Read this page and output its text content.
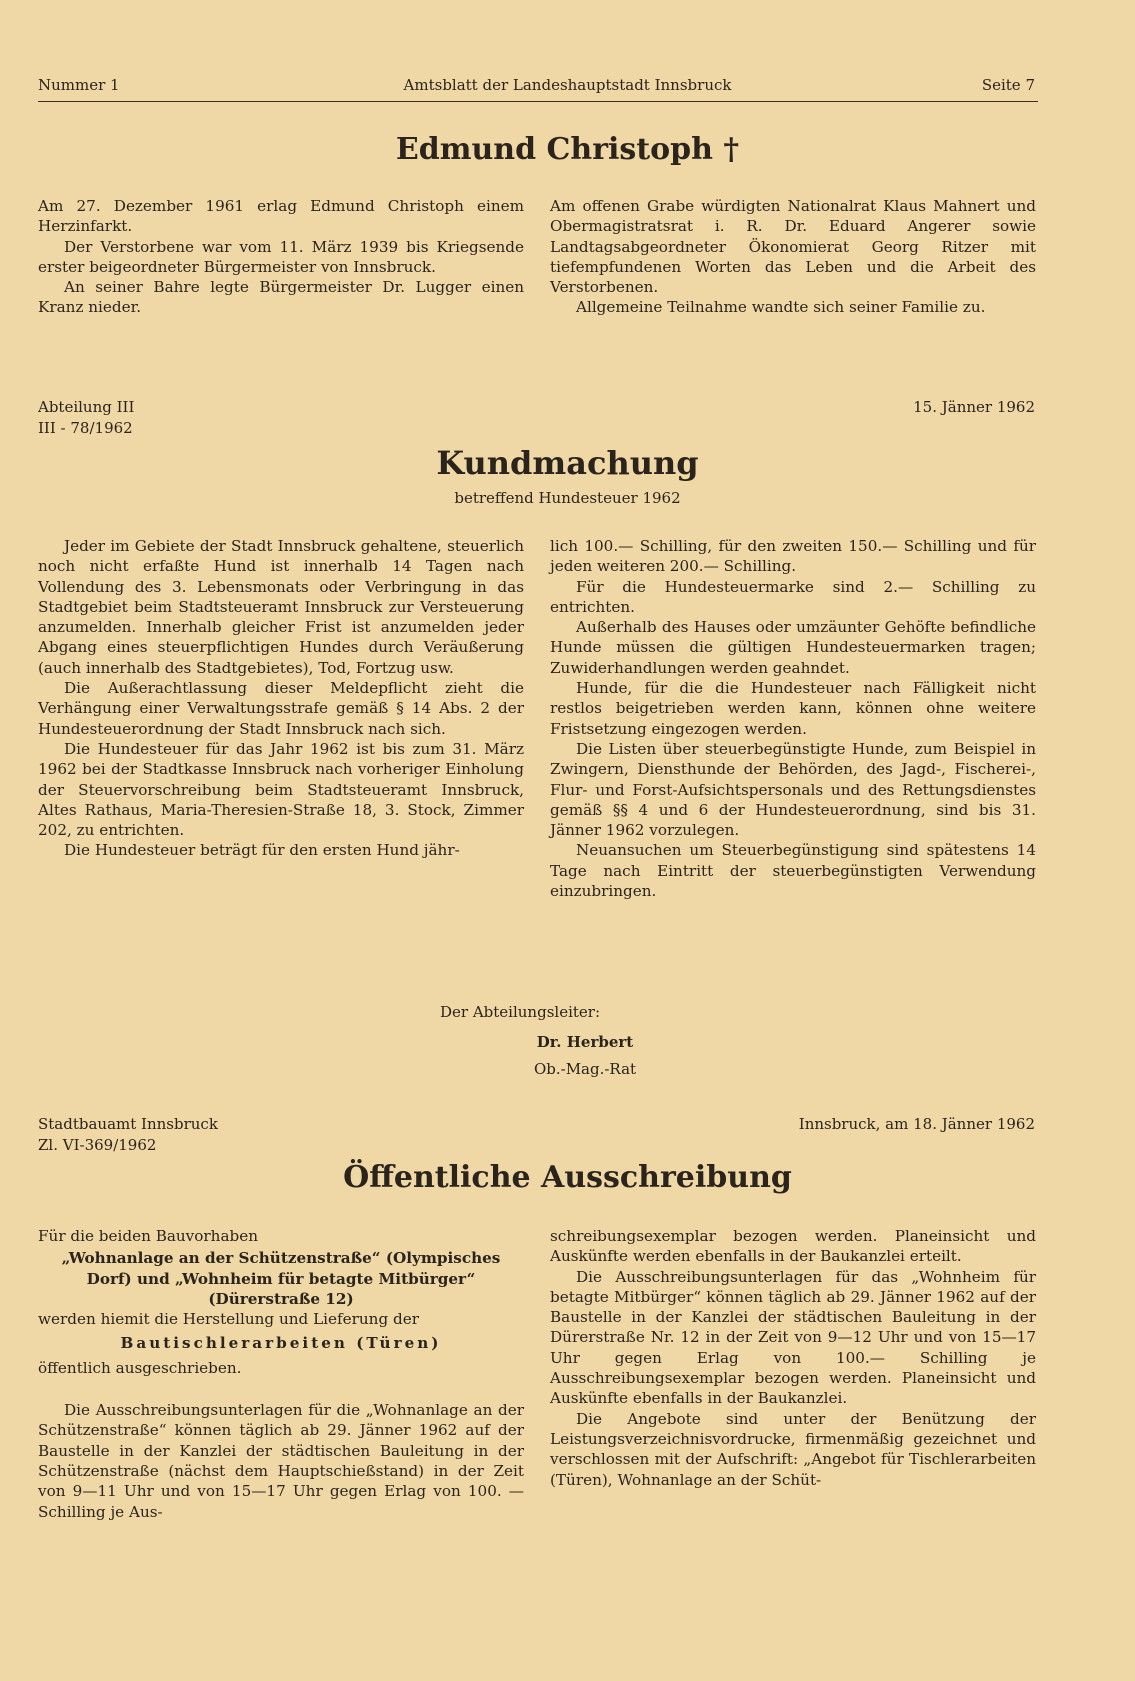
Nummer 1	Amtsblatt der Landeshauptstadt Innsbruck	Seite 7
Edmund Christoph †

Am 27. Dezember 1961 erlag Edmund Christoph einem Herzinfarkt.

Der Verstorbene war vom 11. März 1939 bis Kriegsende erster beigeordneter Bürgermeister von Innsbruck.

An seiner Bahre legte Bürgermeister Dr. Lugger einen Kranz nieder.

Am offenen Grabe würdigten Nationalrat Klaus Mahnert und Obermagistratsrat i. R. Dr. Eduard Angerer sowie Landtagsabgeordneter Ökonomierat Georg Ritzer mit tiefempfundenen Worten das Leben und die Arbeit des Verstorbenen.

Allgemeine Teilnahme wandte sich seiner Familie zu.

Abteilung III
III - 78/1962
15. Jänner 1962
Kundmachung
betreffend Hundesteuer 1962

Jeder im Gebiete der Stadt Innsbruck gehaltene, steuerlich noch nicht erfaßte Hund ist innerhalb 14 Tagen nach Vollendung des 3. Lebensmonats oder Verbringung in das Stadtgebiet beim Stadtsteueramt Innsbruck zur Versteuerung anzumelden. Innerhalb gleicher Frist ist anzumelden jeder Abgang eines steuerpflichtigen Hundes durch Veräußerung (auch innerhalb des Stadtgebietes), Tod, Fortzug usw.

Die Außerachtlassung dieser Meldepflicht zieht die Verhängung einer Verwaltungsstrafe gemäß § 14 Abs. 2 der Hundesteuerordnung der Stadt Innsbruck nach sich.

Die Hundesteuer für das Jahr 1962 ist bis zum 31. März 1962 bei der Stadtkasse Innsbruck nach vorheriger Einholung der Steuervorschreibung beim Stadtsteueramt Innsbruck, Altes Rathaus, Maria-Theresien-Straße 18, 3. Stock, Zimmer 202, zu entrichten.

Die Hundesteuer beträgt für den ersten Hund jähr-

lich 100.— Schilling, für den zweiten 150.— Schilling und für jeden weiteren 200.— Schilling.

Für die Hundesteuermarke sind 2.— Schilling zu entrichten.

Außerhalb des Hauses oder umzäunter Gehöfte befindliche Hunde müssen die gültigen Hundesteuermarken tragen; Zuwiderhandlungen werden geahndet.

Hunde, für die die Hundesteuer nach Fälligkeit nicht restlos beigetrieben werden kann, können ohne weitere Fristsetzung eingezogen werden.

Die Listen über steuerbegünstigte Hunde, zum Beispiel in Zwingern, Diensthunde der Behörden, des Jagd-, Fischerei-, Flur- und Forst-Aufsichtspersonals und des Rettungsdienstes gemäß §§ 4 und 6 der Hundesteuerordnung, sind bis 31. Jänner 1962 vorzulegen.

Neuansuchen um Steuerbegünstigung sind spätestens 14 Tage nach Eintritt der steuerbegünstigten Verwendung einzubringen.

Der Abteilungsleiter:
Dr. Herbert
Ob.-Mag.-Rat
Stadtbauamt Innsbruck
Zl. VI-369/1962
Innsbruck, am 18. Jänner 1962
Öffentliche Ausschreibung

Für die beiden Bauvorhaben

„Wohnanlage an der Schützenstraße“ (Olympisches Dorf) und „Wohnheim für betagte Mitbürger“ (Dürerstraße 12)

werden hiemit die Herstellung und Lieferung der

Bautischlerarbeiten (Türen)

öffentlich ausgeschrieben.

Die Ausschreibungsunterlagen für die „Wohnanlage an der Schützenstraße“ können täglich ab 29. Jänner 1962 auf der Baustelle in der Kanzlei der städtischen Bauleitung in der Schützenstraße (nächst dem Hauptschießstand) in der Zeit von 9—11 Uhr und von 15—17 Uhr gegen Erlag von 100. —Schilling je Aus-

schreibungsexemplar bezogen werden. Planeinsicht und Auskünfte werden ebenfalls in der Baukanzlei erteilt.

Die Ausschreibungsunterlagen für das „Wohnheim für betagte Mitbürger“ können täglich ab 29. Jänner 1962 auf der Baustelle in der Kanzlei der städtischen Bauleitung in der Dürerstraße Nr. 12 in der Zeit von 9—12 Uhr und von 15—17 Uhr gegen Erlag von 100.— Schilling je Ausschreibungsexemplar bezogen werden. Planeinsicht und Auskünfte ebenfalls in der Baukanzlei.

Die Angebote sind unter der Benützung der Leistungsverzeichnisvordrucke, firmenmäßig gezeichnet und verschlossen mit der Aufschrift: „Angebot für Tischlerarbeiten (Türen), Wohnanlage an der Schüt-
